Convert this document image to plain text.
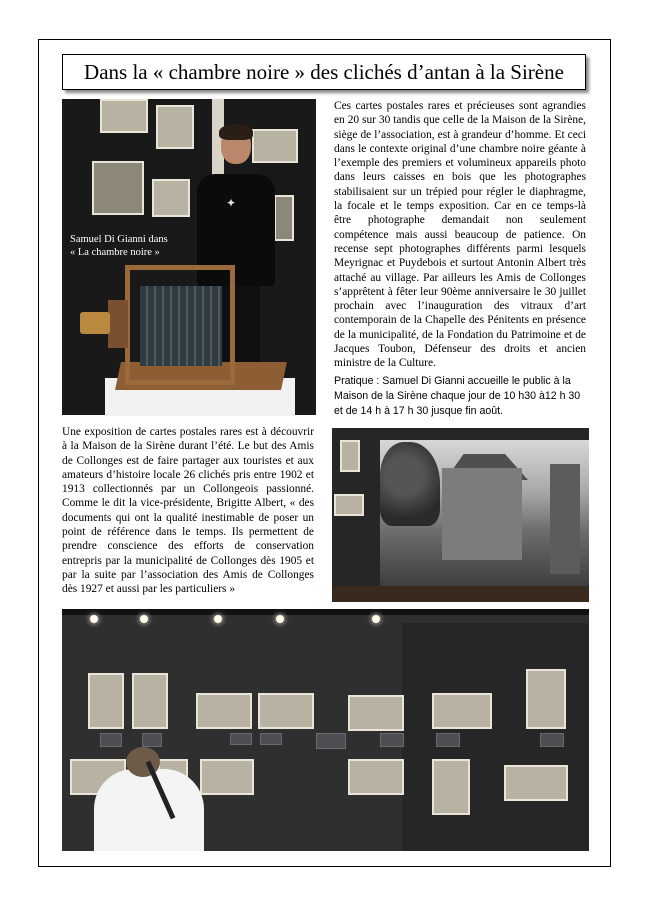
Dans la « chambre noire » des clichés d’antan à la Sirène
Samuel Di Gianni dans
« La chambre noire »
✦
Ces cartes postales rares et précieuses sont agrandies en 20 sur 30 tandis que celle de la Maison de la Sirène, siège de l’association, est à grandeur d’homme. Et ceci dans le contexte original d’une chambre noire géante à l’exemple des premiers et volumineux appareils photo dans leurs caisses en bois que les photographes stabilisaient sur un trépied pour régler le diaphragme, la focale et le temps exposition. Car en ce temps-là être photographe demandait non seulement compétence mais aussi beaucoup de patience. On recense sept photographes différents parmi lesquels Meyrignac et Puydebois et surtout Antonin Albert très attaché au village. Par ailleurs les Amis de Collonges s’apprêtent à fêter leur 90ème anniversaire le 30 juillet prochain avec l’inauguration des vitraux d’art contemporain de la Chapelle des Pénitents en présence de la municipalité, de la Fondation du Patrimoine et de Jacques Toubon, Défenseur des droits et ancien ministre de la Culture.
Pratique : Samuel Di Gianni accueille le public à la Maison de la Sirène chaque jour de 10 h30 à12 h 30 et de 14 h à 17 h 30 jusque fin août.
Une exposition de cartes postales rares est à découvrir à la Maison de la Sirène durant l’été. Le but des Amis de Collonges est de faire partager aux touristes et aux amateurs d’histoire locale 26 clichés pris entre 1902 et 1913 collectionnés par un Collongeois passionné. Comme le dit la vice-présidente, Brigitte Albert, « des documents qui ont la qualité inestimable de poser un point de référence dans le temps. Ils permettent de prendre conscience des efforts de conservation entrepris par la municipalité de Collonges dès 1905 et par la suite par l’association des Amis de Collonges dès 1927 et aussi par les particuliers »
